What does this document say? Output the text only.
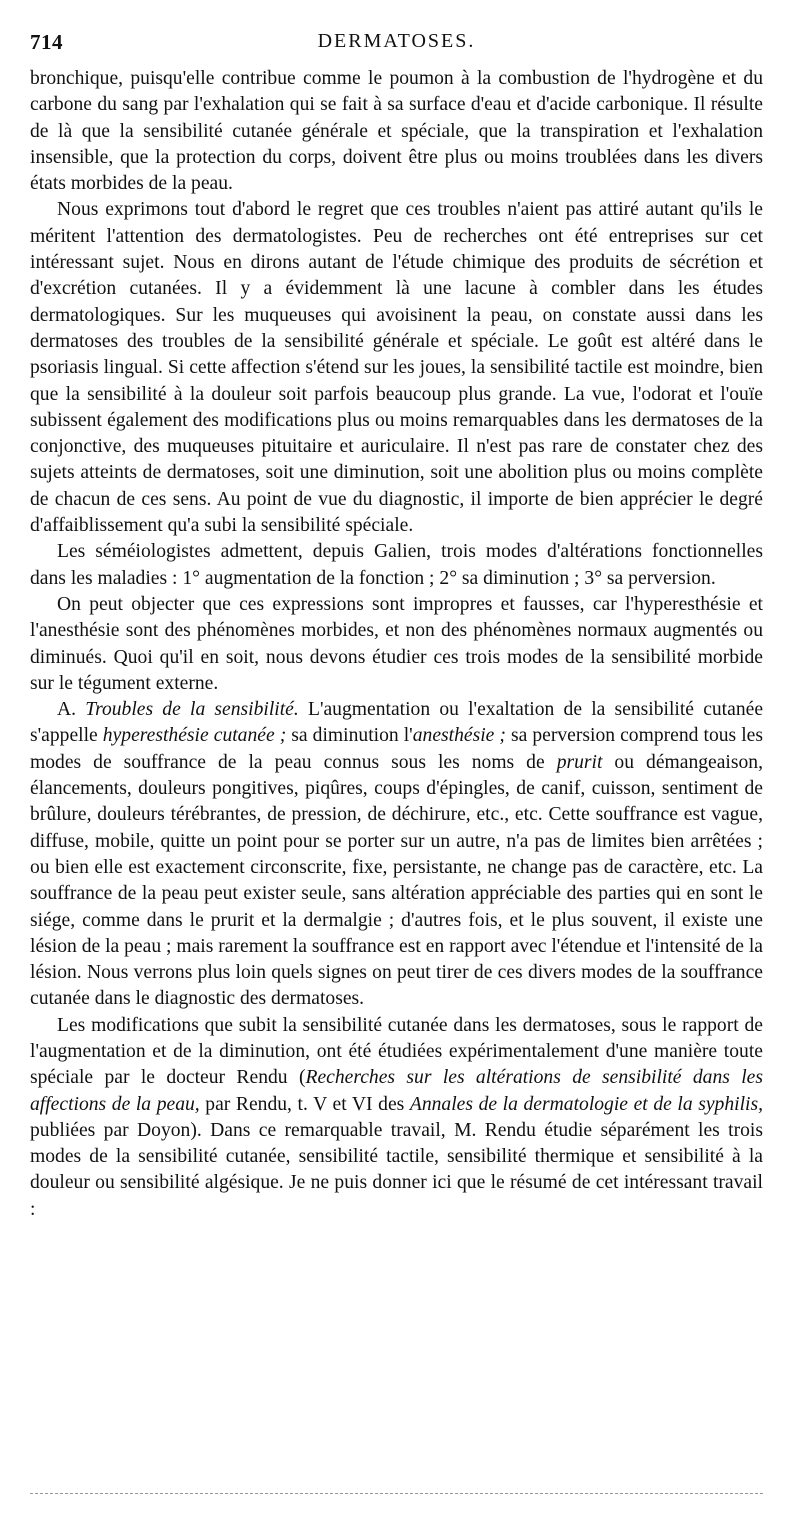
714	DERMATOSES.

bronchique, puisqu'elle contribue comme le poumon à la combustion de l'hydrogène et du carbone du sang par l'exhalation qui se fait à sa surface d'eau et d'acide carbonique. Il résulte de là que la sensibilité cutanée générale et spéciale, que la transpiration et l'exhalation insensible, que la protection du corps, doivent être plus ou moins troublées dans les divers états morbides de la peau.

Nous exprimons tout d'abord le regret que ces troubles n'aient pas attiré autant qu'ils le méritent l'attention des dermatologistes. Peu de recherches ont été entreprises sur cet intéressant sujet. Nous en dirons autant de l'étude chimique des produits de sécrétion et d'excrétion cutanées. Il y a évidemment là une lacune à combler dans les études dermatologiques. Sur les muqueuses qui avoisinent la peau, on constate aussi dans les dermatoses des troubles de la sensibilité générale et spéciale. Le goût est altéré dans le psoriasis lingual. Si cette affection s'étend sur les joues, la sensibilité tactile est moindre, bien que la sensibilité à la douleur soit parfois beaucoup plus grande. La vue, l'odorat et l'ouïe subissent également des modifications plus ou moins remarquables dans les dermatoses de la conjonctive, des muqueuses pituitaire et auriculaire. Il n'est pas rare de constater chez des sujets atteints de dermatoses, soit une diminution, soit une abolition plus ou moins complète de chacun de ces sens. Au point de vue du diagnostic, il importe de bien apprécier le degré d'affaiblissement qu'a subi la sensibilité spéciale.

Les séméiologistes admettent, depuis Galien, trois modes d'altérations fonctionnelles dans les maladies : 1° augmentation de la fonction ; 2° sa diminution ; 3° sa perversion.

On peut objecter que ces expressions sont impropres et fausses, car l'hyperesthésie et l'anesthésie sont des phénomènes morbides, et non des phénomènes normaux augmentés ou diminués. Quoi qu'il en soit, nous devons étudier ces trois modes de la sensibilité morbide sur le tégument externe.

A. Troubles de la sensibilité. L'augmentation ou l'exaltation de la sensibilité cutanée s'appelle hyperesthésie cutanée ; sa diminution l'anesthésie ; sa perversion comprend tous les modes de souffrance de la peau connus sous les noms de prurit ou démangeaison, élancements, douleurs pongitives, piqûres, coups d'épingles, de canif, cuisson, sentiment de brûlure, douleurs térébrantes, de pression, de déchirure, etc., etc. Cette souffrance est vague, diffuse, mobile, quitte un point pour se porter sur un autre, n'a pas de limites bien arrêtées ; ou bien elle est exactement circonscrite, fixe, persistante, ne change pas de caractère, etc. La souffrance de la peau peut exister seule, sans altération appréciable des parties qui en sont le siége, comme dans le prurit et la dermalgie ; d'autres fois, et le plus souvent, il existe une lésion de la peau ; mais rarement la souffrance est en rapport avec l'étendue et l'intensité de la lésion. Nous verrons plus loin quels signes on peut tirer de ces divers modes de la souffrance cutanée dans le diagnostic des dermatoses.

Les modifications que subit la sensibilité cutanée dans les dermatoses, sous le rapport de l'augmentation et de la diminution, ont été étudiées expérimentalement d'une manière toute spéciale par le docteur Rendu (Recherches sur les altérations de sensibilité dans les affections de la peau, par Rendu, t. V et VI des Annales de la dermatologie et de la syphilis, publiées par Doyon). Dans ce remarquable travail, M. Rendu étudie séparément les trois modes de la sensibilité cutanée, sensibilité tactile, sensibilité thermique et sensibilité à la douleur ou sensibilité algésique. Je ne puis donner ici que le résumé de cet intéressant travail :
